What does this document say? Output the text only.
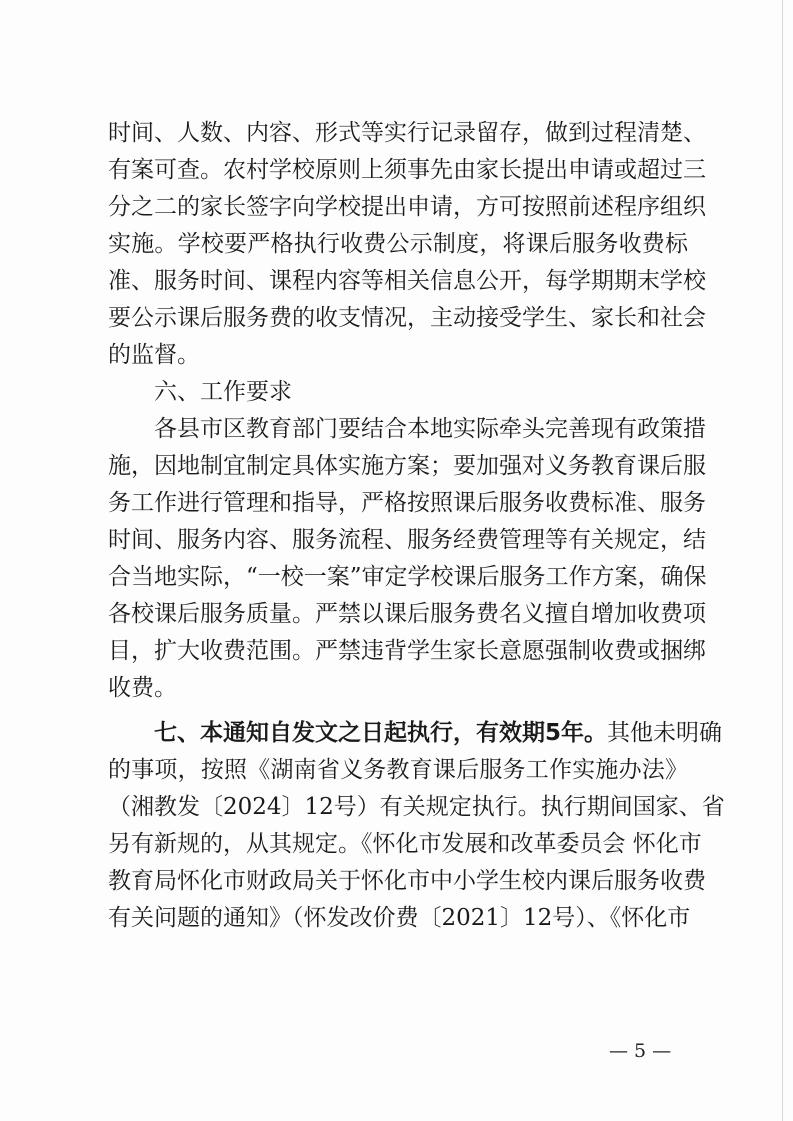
时间、人数、内容、形式等实行记录留存，做到过程清楚、
有案可查。农村学校原则上须事先由家长提出申请或超过三
分之二的家长签字向学校提出申请，方可按照前述程序组织
实施。学校要严格执行收费公示制度，将课后服务收费标
准、服务时间、课程内容等相关信息公开，每学期期末学校
要公示课后服务费的收支情况，主动接受学生、家长和社会
的监督。
六、工作要求
各县市区教育部门要结合本地实际牵头完善现有政策措
施，因地制宜制定具体实施方案；要加强对义务教育课后服
务工作进行管理和指导，严格按照课后服务收费标准、服务
时间、服务内容、服务流程、服务经费管理等有关规定，结
合当地实际，“一校一案”审定学校课后服务工作方案，确保
各校课后服务质量。严禁以课后服务费名义擅自增加收费项
目，扩大收费范围。严禁违背学生家长意愿强制收费或捆绑
收费。
七、本通知自发文之日起执行，有效期5年。其他未明确
的事项，按照《湖南省义务教育课后服务工作实施办法》
（湘教发〔2024〕12号）有关规定执行。执行期间国家、省
另有新规的，从其规定。《怀化市发展和改革委员会 怀化市
教育局怀化市财政局关于怀化市中小学生校内课后服务收费
有关问题的通知》（怀发改价费〔2021〕12号）、《怀化市
— 5 —
